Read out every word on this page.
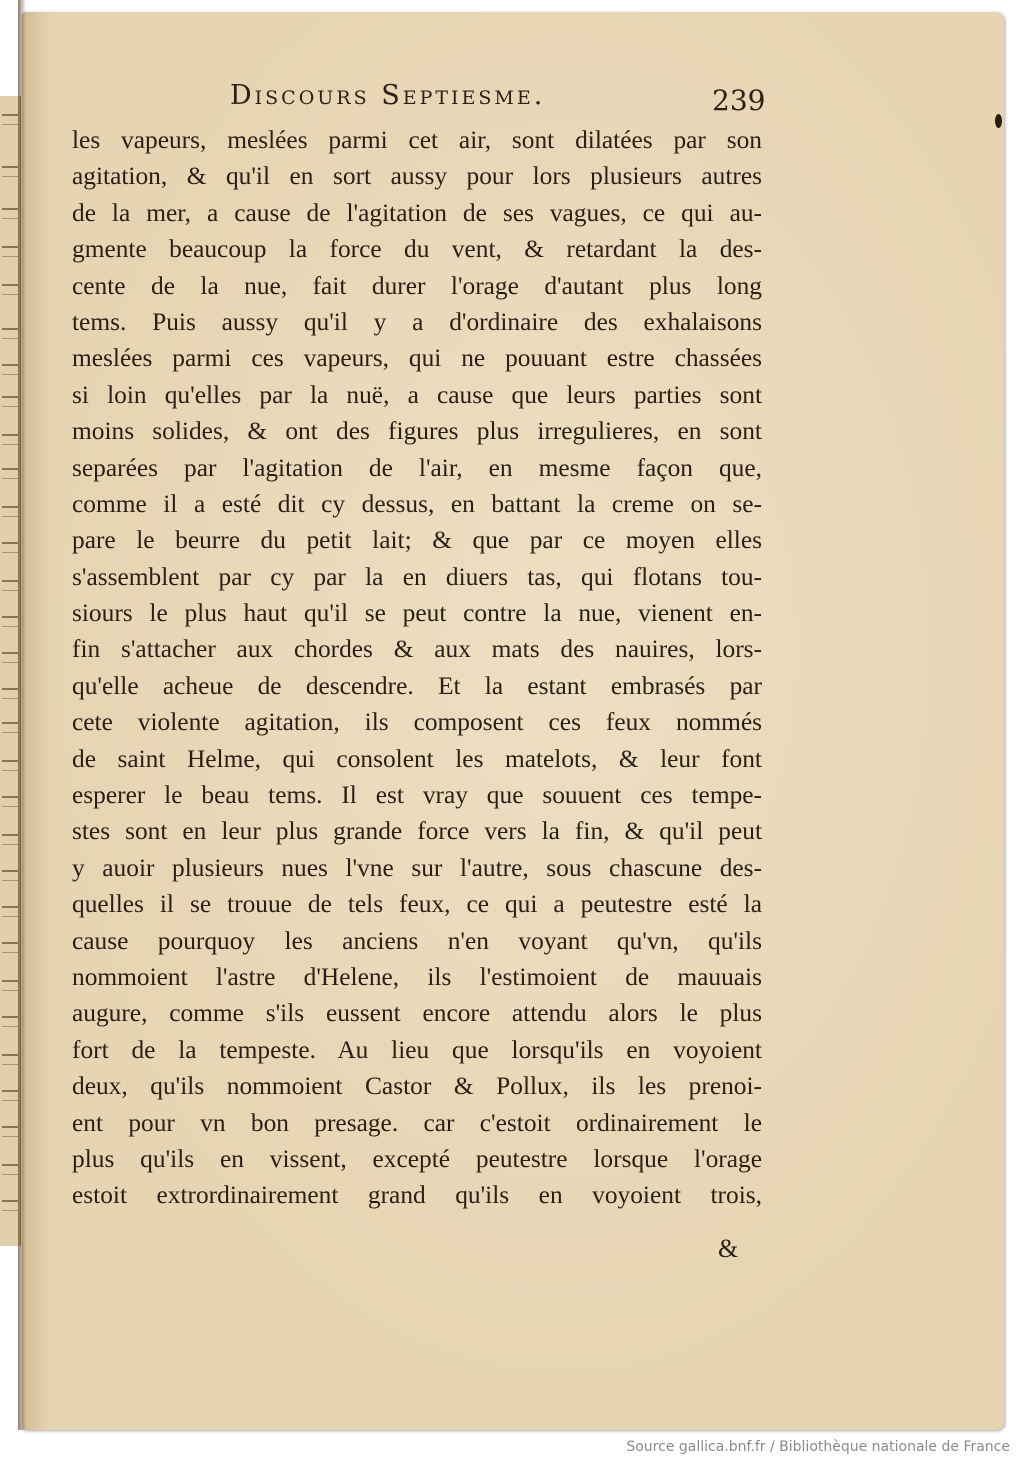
Discours Septiesme.	239
les vapeurs, meslées parmi cet air, sont dilatées par son
agitation, & qu'il en sort aussy pour lors plusieurs autres
de la mer, a cause de l'agitation de ses vagues, ce qui au-
gmente beaucoup la force du vent, & retardant la des-
cente de la nue, fait durer l'orage d'autant plus long
tems. Puis aussy qu'il y a d'ordinaire des exhalaisons
meslées parmi ces vapeurs, qui ne pouuant estre chassées
si loin qu'elles par la nuë, a cause que leurs parties sont
moins solides, & ont des figures plus irregulieres, en sont
separées par l'agitation de l'air, en mesme façon que,
comme il a esté dit cy dessus, en battant la creme on se-
pare le beurre du petit lait; & que par ce moyen elles
s'assemblent par cy par la en diuers tas, qui flotans tou-
siours le plus haut qu'il se peut contre la nue, vienent en-
fin s'attacher aux chordes & aux mats des nauires, lors-
qu'elle acheue de descendre. Et la estant embrasés par
cete violente agitation, ils composent ces feux nommés
de saint Helme, qui consolent les matelots, & leur font
esperer le beau tems. Il est vray que souuent ces tempe-
stes sont en leur plus grande force vers la fin, & qu'il peut
y auoir plusieurs nues l'vne sur l'autre, sous chascune des-
quelles il se trouue de tels feux, ce qui a peutestre esté la
cause pourquoy les anciens n'en voyant qu'vn, qu'ils
nommoient l'astre d'Helene, ils l'estimoient de mauuais
augure, comme s'ils eussent encore attendu alors le plus
fort de la tempeste. Au lieu que lorsqu'ils en voyoient
deux, qu'ils nommoient Castor & Pollux, ils les prenoi-
ent pour vn bon presage. car c'estoit ordinairement le
plus qu'ils en vissent, excepté peutestre lorsque l'orage
estoit extrordinairement grand qu'ils en voyoient trois,
&
Source gallica.bnf.fr / Bibliothèque nationale de France
